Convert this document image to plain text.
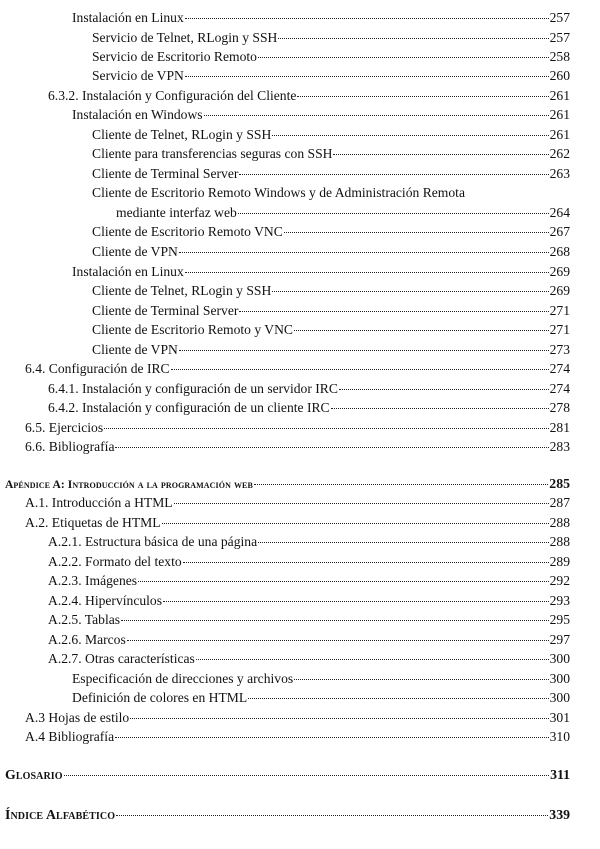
Instalación en Linux	257
Servicio de Telnet, RLogin y SSH	257
Servicio de Escritorio Remoto	258
Servicio de VPN	260
6.3.2. Instalación y Configuración del Cliente	261
Instalación en Windows	261
Cliente de Telnet, RLogin y SSH	261
Cliente para transferencias seguras con SSH	262
Cliente de Terminal Server	263
Cliente de Escritorio Remoto Windows y de Administración Remota
mediante interfaz web	264
Cliente de Escritorio Remoto VNC	267
Cliente de VPN	268
Instalación en Linux	269
Cliente de Telnet, RLogin y SSH	269
Cliente de Terminal Server	271
Cliente de Escritorio Remoto y VNC	271
Cliente de VPN	273
6.4. Configuración de IRC	274
6.4.1. Instalación y configuración de un servidor IRC	274
6.4.2. Instalación y configuración de un cliente IRC	278
6.5. Ejercicios	281
6.6. Bibliografía	283
Apéndice A: Introducción a la programación web	285
A.1. Introducción a HTML	287
A.2. Etiquetas de HTML	288
A.2.1. Estructura básica de una página	288
A.2.2. Formato del texto	289
A.2.3. Imágenes	292
A.2.4. Hipervínculos	293
A.2.5. Tablas	295
A.2.6. Marcos	297
A.2.7. Otras características	300
Especificación de direcciones y archivos	300
Definición de colores en HTML	300
A.3 Hojas de estilo	301
A.4 Bibliografía	310
Glosario	311
Índice Alfabético	339
